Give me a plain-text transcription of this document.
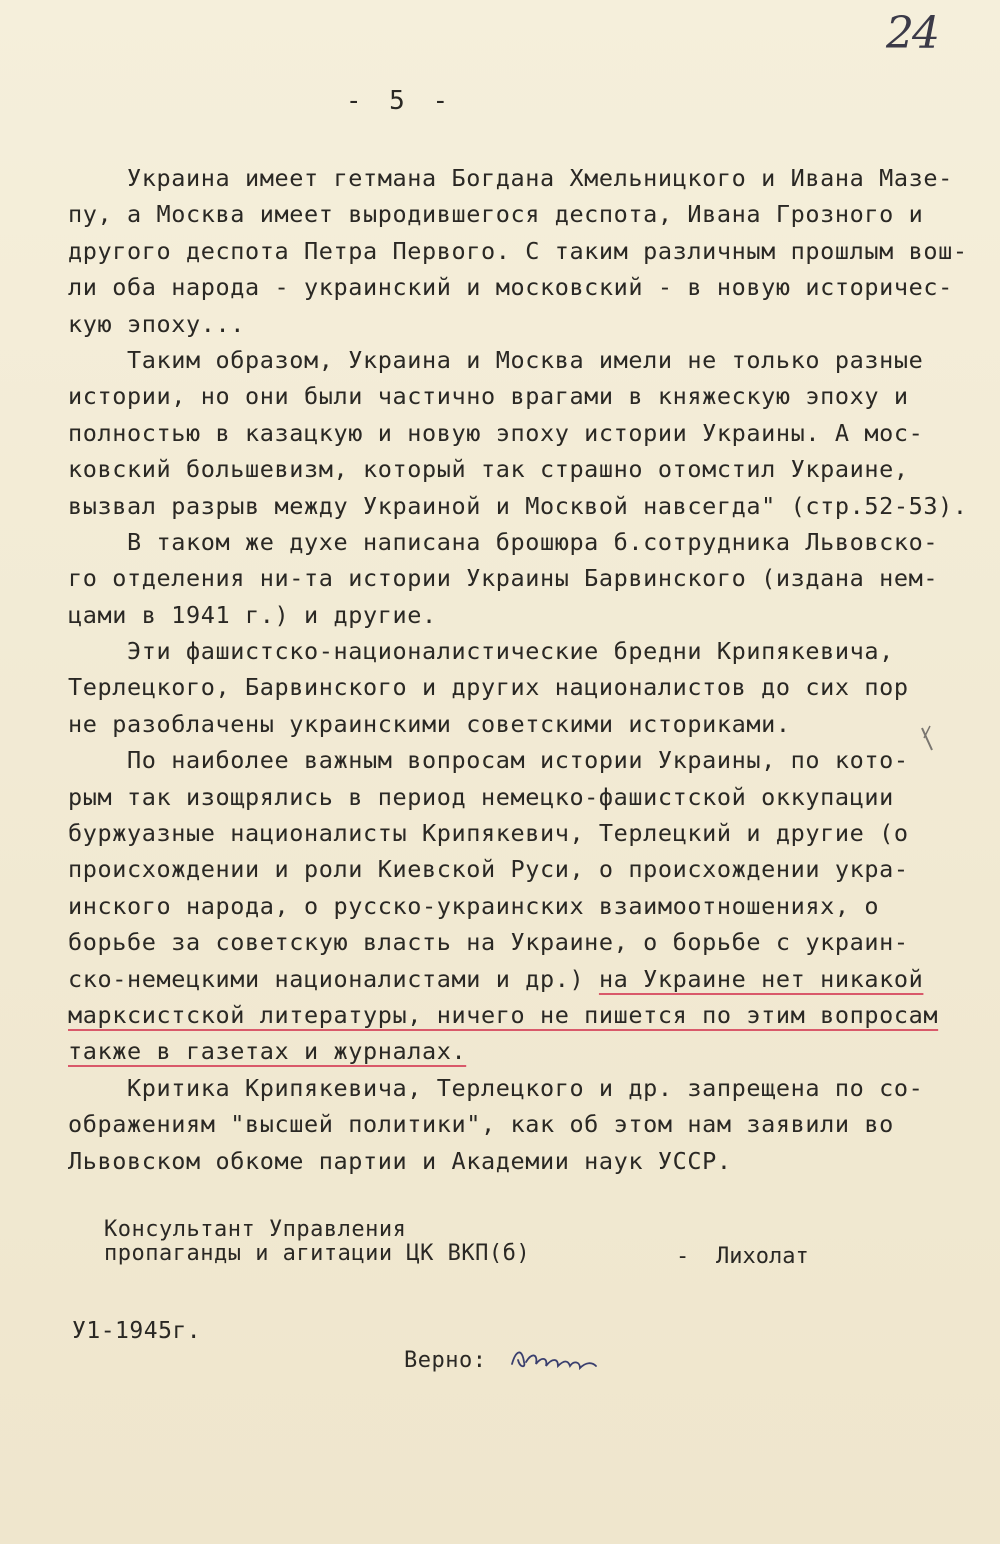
24
- 5 -
Украина имеет гетмана Богдана Хмельницкого и Ивана Мазе-
пу, а Москва имеет выродившегося деспота, Ивана Грозного и
другого деспота Петра Первого. С таким различным прошлым вош-
ли оба народа - украинский и московский - в новую историчес-
кую эпоху...
Таким образом, Украина и Москва имели не только разные
истории, но они были частично врагами в княжескую эпоху и
полностью в казацкую и новую эпоху истории Украины. А мос-
ковский большевизм, который так страшно отомстил Украине,
вызвал разрыв между Украиной и Москвой навсегда" (стр.52-53).
В таком же духе написана брошюра б.сотрудника Львовско-
го отделения ни-та истории Украины Барвинского (издана нем-
цами в 1941 г.) и другие.
Эти фашистско-националистические бредни Крипякевича,
Терлецкого, Барвинского и других националистов до сих пор
не разоблачены украинскими советскими историками.
По наиболее важным вопросам истории Украины, по кото-
рым так изощрялись в период немецко-фашистской оккупации
буржуазные националисты Крипякевич, Терлецкий и другие (о
происхождении и роли Киевской Руси, о происхождении укра-
инского народа, о русско-украинских взаимоотношениях, о
борьбе за советскую власть на Украине, о борьбе с украин-
ско-немецкими националистами и др.) на Украине нет никакой
марксистской литературы, ничего не пишется по этим вопросам
также в газетах и журналах.
Критика Крипякевича, Терлецкого и др. запрещена по со-
ображениям "высшей политики", как об этом нам заявили во
Львовском обкоме партии и Академии наук УССР.
Консультант Управления
пропаганды и агитации ЦК ВКП(б)	- Лихолат
У1-1945г.
Верно:
